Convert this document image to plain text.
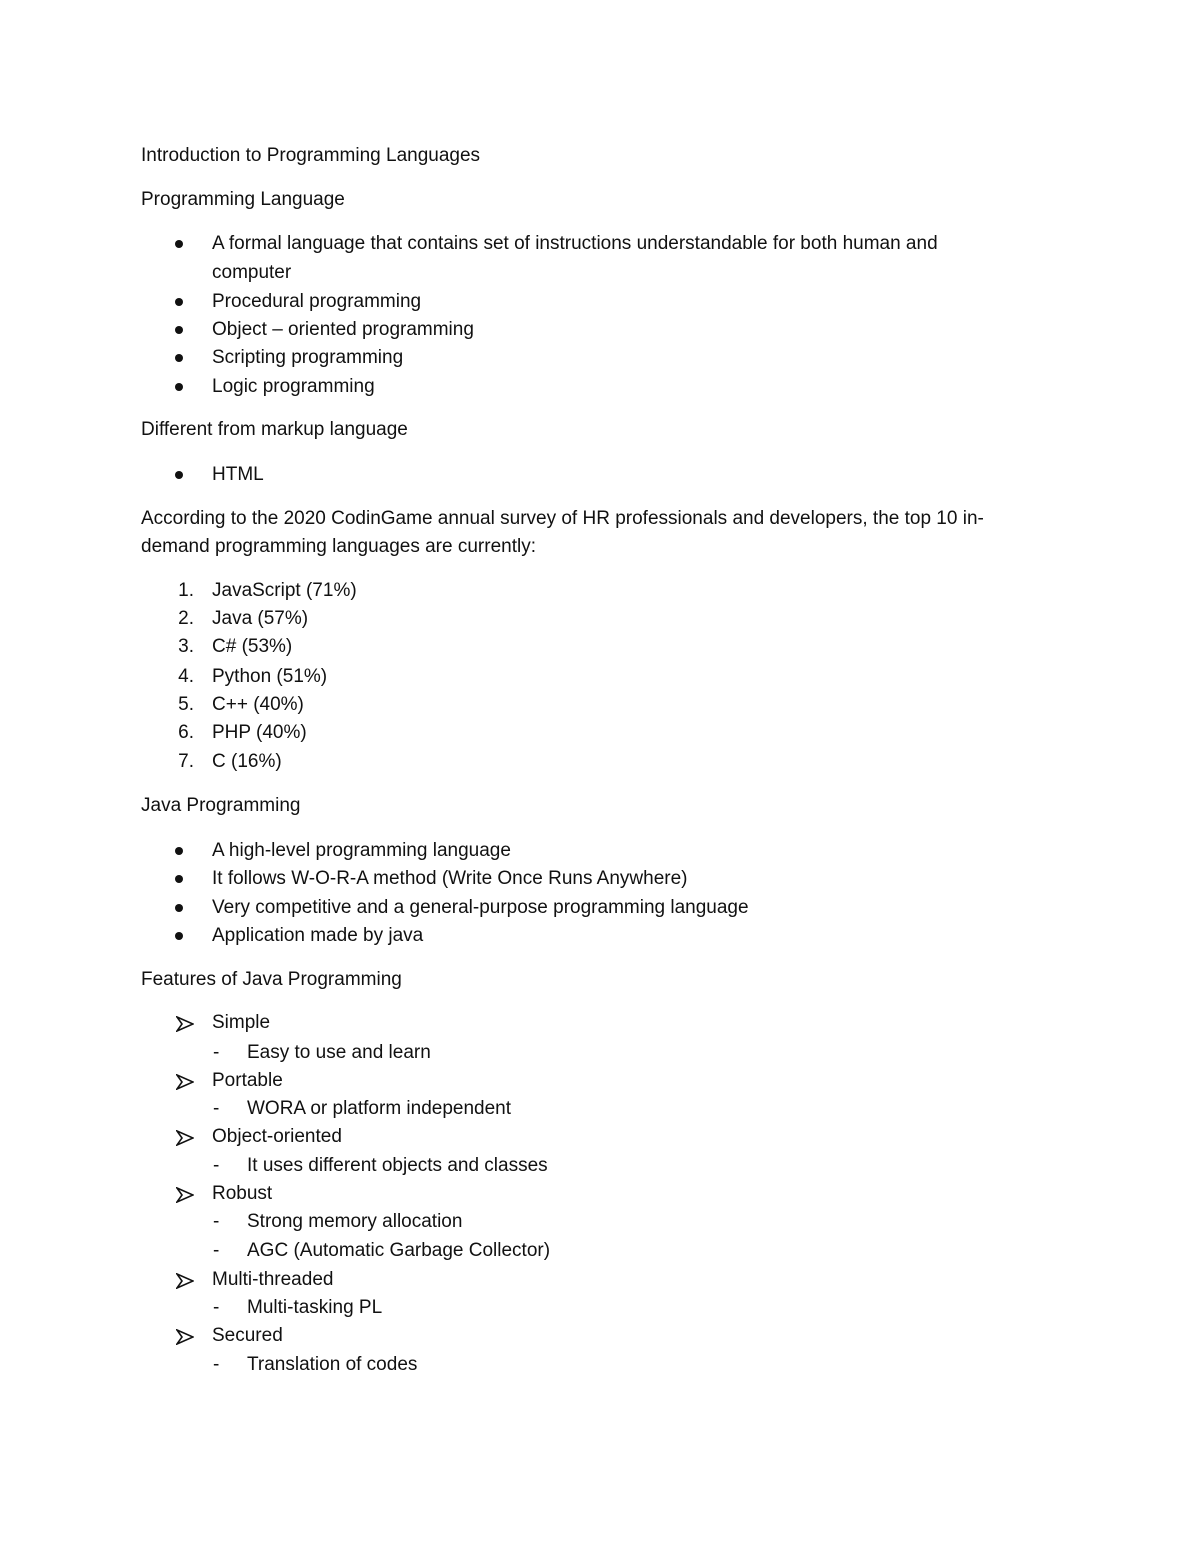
Introduction to Programming Languages
Programming Language
A formal language that contains set of instructions understandable for both human and
computer
Procedural programming
Object – oriented programming
Scripting programming
Logic programming
Different from markup language
HTML
According to the 2020 CodinGame annual survey of HR professionals and developers, the top 10 in-
demand programming languages are currently:
1. JavaScript (71%)
2. Java (57%)
3. C# (53%)
4. Python (51%)
5. C++ (40%)
6. PHP (40%)
7. C (16%)
Java Programming
A high-level programming language
It follows W-O-R-A method (Write Once Runs Anywhere)
Very competitive and a general-purpose programming language
Application made by java
Features of Java Programming
Simple
- Easy to use and learn
Portable
- WORA or platform independent
Object-oriented
- It uses different objects and classes
Robust
- Strong memory allocation
- AGC (Automatic Garbage Collector)
Multi-threaded
- Multi-tasking PL
Secured
- Translation of codes
